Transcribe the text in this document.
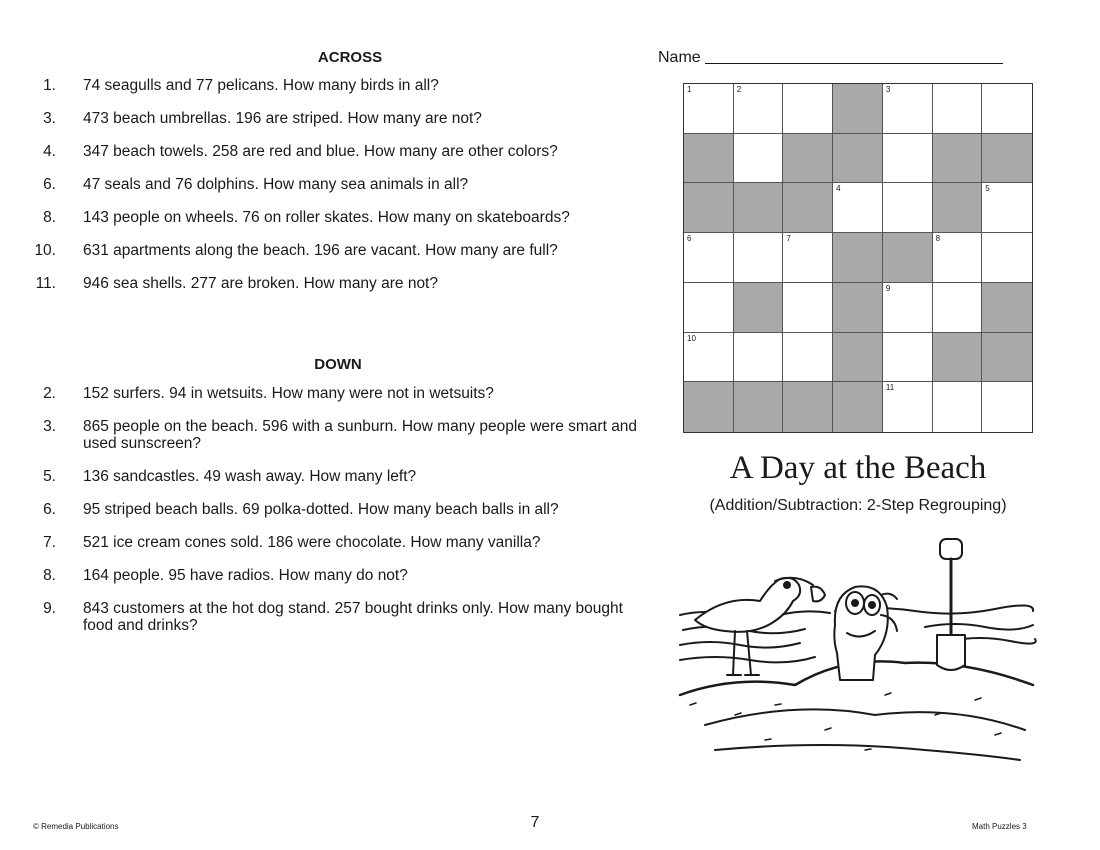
ACROSS
1. 74 seagulls and 77 pelicans. How many birds in all?
3. 473 beach umbrellas. 196 are striped. How many are not?
4. 347 beach towels. 258 are red and blue. How many are other colors?
6. 47 seals and 76 dolphins. How many sea animals in all?
8. 143 people on wheels. 76 on roller skates. How many on skateboards?
10. 631 apartments along the beach. 196 are vacant. How many are full?
11. 946 sea shells. 277 are broken. How many are not?
DOWN
2. 152 surfers. 94 in wetsuits. How many were not in wetsuits?
3. 865 people on the beach. 596 with a sunburn. How many people were smart and used sunscreen?
5. 136 sandcastles. 49 wash away. How many left?
6. 95 striped beach balls. 69 polka-dotted. How many beach balls in all?
7. 521 ice cream cones sold. 186 were chocolate. How many vanilla?
8. 164 people. 95 have radios. How many do not?
9. 843 customers at the hot dog stand. 257 bought drinks only. How many bought food and drinks?
Name
1	2	3
4	5
6	7	8
9
10
11
A Day at the Beach
(Addition/Subtraction: 2-Step Regrouping)
© Remedia Publications	7	Math Puzzles 3
